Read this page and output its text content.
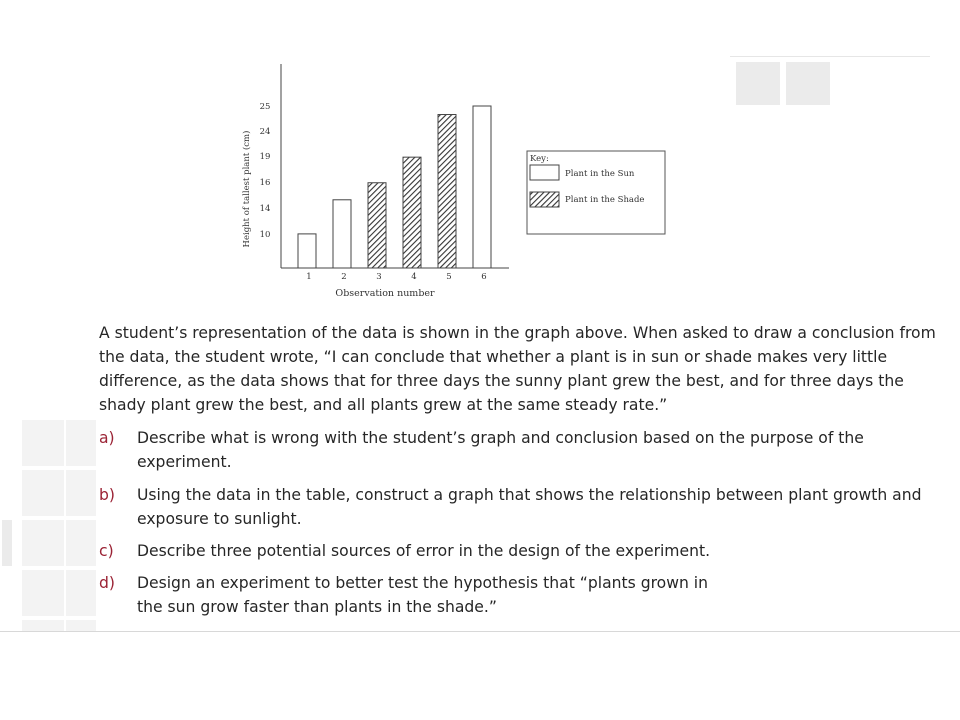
10
14
16
19
24
25
1	2	3	4	5	6
Observation number
Height of tallest plant (cm)	Key:
Plant in the Sun
Plant in the Shade
A student’s representation of the data is shown in the graph above. When asked to draw a conclusion from the data, the student wrote, “I can conclude that whether a plant is in sun or shade makes very little difference, as the data shows that for three days the sunny plant grew the best, and for three days the shady plant grew the best, and all plants grew at the same steady rate.”
a) Describe what is wrong with the student’s graph and conclusion based on the purpose of the experiment.
b) Using the data in the table, construct a graph that shows the relationship between plant growth and exposure to sunlight.
c) Describe three potential sources of error in the design of the experiment.
d) Design an experiment to better test the hypothesis that “plants grown in the sun grow faster than plants in the shade.”
